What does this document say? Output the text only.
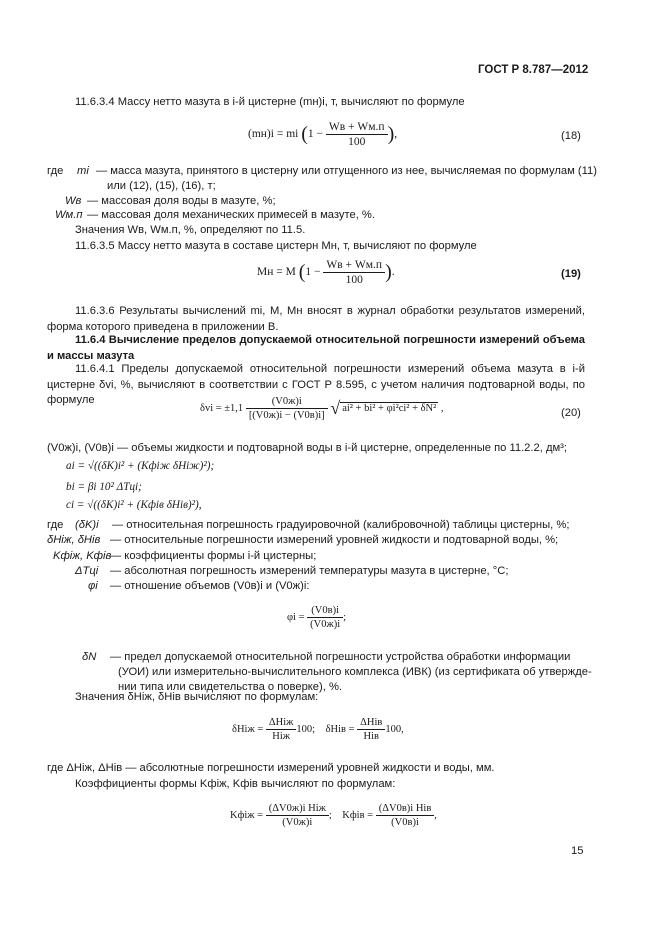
ГОСТ Р 8.787—2012
11.6.3.4 Массу нетто мазута в i-й цистерне (mн)i, т, вычисляют по формуле
(mн)i = mi ($1 - \frac{Wв + Wм.п}{100}$ ),	(18)
где mi — масса мазута, принятого в цистерну или отгущенного из нее, вычисляемая по формулам (11)
или (12), (15), (16), т;
Wв — массовая доля воды в мазуте, %;
Wм.п — массовая доля механических примесей в мазуте, %.
Значения Wв, Wм.п, %, определяют по 11.5.
11.6.3.5 Массу нетто мазута в составе цистерн Mн, т, вычисляют по формуле
Mн = M ($1 - \frac{Wв + Wм.п}{100}$ ).	(19)
11.6.3.6 Результаты вычислений mi, M, Mн вносят в журнал обработки результатов измерений, форма которого приведена в приложении В.
11.6.4 Вычисление пределов допускаемой относительной погрешности измерений объема и массы мазута
11.6.4.1 Пределы допускаемой относительной погрешности измерений объема мазута в i-й цистерне δvi, %, вычисляют в соответствии с ГОСТ Р 8.595, с учетом наличия подтоварной воды, по формуле
$\delta vi = \pm 1,1 \frac{(V0ж)i}{[(V0ж)i - (V0в)i]}$ √ ai² + bi² + φi²ci² + δN² ,	(20)
(V0ж)i, (V0в)i — объемы жидкости и подтоварной воды в i-й цистерне, определенные по 11.2.2, дм³;
ai = √((δK)i² + (Kфiж δHiж)²);
bi = βi 10² ΔTцi;
ci = √((δK)i² + (Kфiв δHiв)²),
где (δK)i — относительная погрешность градуировочной (калибровочной) таблицы цистерны, %;
δHiж, δHiв — относительные погрешности измерений уровней жидкости и подтоварной воды, %;
Kфiж, Kфiв
— коэффициенты формы i-й цистерны;
ΔTцi — абсолютная погрешность измерений температуры мазута в цистерне, °С;
φi — отношение объемов (V0в)i и (V0ж)i:
$\varphi i = \frac{(V0в)i}{(V0ж)i}$ ;
δN — предел допускаемой относительной погрешности устройства обработки информации
(УОИ) или измерительно-вычислительного комплекса (ИВК) (из сертификата об утвержде-
нии типа или свидетельства о поверке), %.
Значения δHiж, δHiв вычисляют по формулам:
$\delta Hiж = \frac{\text{ΔHiж}}{\text{Hiж}} 100$; $\delta Hiв = \frac{\text{ΔHiв}}{\text{Hiв}} 100$,
где ΔHiж, ΔHiв — абсолютные погрешности измерений уровней жидкости и воды, мм.
Коэффициенты формы Kфiж, Kфiв вычисляют по формулам:
Kфiж = $\frac{\text{(ΔV0ж)i Hiж}}{(V0ж)i}$ ; Kфiв = $\frac{\text{(ΔV0в)i Hiв}}{(V0в)i}$ ,
15
